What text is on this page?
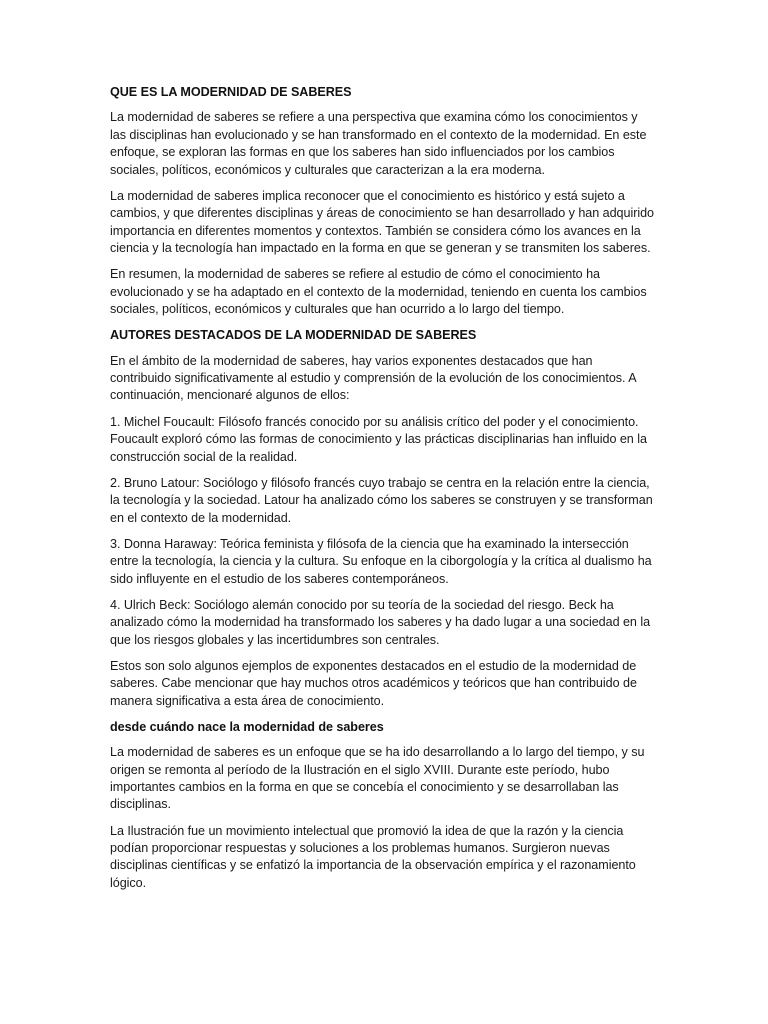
QUE ES LA MODERNIDAD DE SABERES

La modernidad de saberes se refiere a una perspectiva que examina cómo los conocimientos y las disciplinas han evolucionado y se han transformado en el contexto de la modernidad. En este enfoque, se exploran las formas en que los saberes han sido influenciados por los cambios sociales, políticos, económicos y culturales que caracterizan a la era moderna.

La modernidad de saberes implica reconocer que el conocimiento es histórico y está sujeto a cambios, y que diferentes disciplinas y áreas de conocimiento se han desarrollado y han adquirido importancia en diferentes momentos y contextos. También se considera cómo los avances en la ciencia y la tecnología han impactado en la forma en que se generan y se transmiten los saberes.

En resumen, la modernidad de saberes se refiere al estudio de cómo el conocimiento ha evolucionado y se ha adaptado en el contexto de la modernidad, teniendo en cuenta los cambios sociales, políticos, económicos y culturales que han ocurrido a lo largo del tiempo.

AUTORES DESTACADOS DE LA MODERNIDAD DE SABERES

En el ámbito de la modernidad de saberes, hay varios exponentes destacados que han contribuido significativamente al estudio y comprensión de la evolución de los conocimientos. A continuación, mencionaré algunos de ellos:

1. Michel Foucault: Filósofo francés conocido por su análisis crítico del poder y el conocimiento. Foucault exploró cómo las formas de conocimiento y las prácticas disciplinarias han influido en la construcción social de la realidad.

2. Bruno Latour: Sociólogo y filósofo francés cuyo trabajo se centra en la relación entre la ciencia, la tecnología y la sociedad. Latour ha analizado cómo los saberes se construyen y se transforman en el contexto de la modernidad.

3. Donna Haraway: Teórica feminista y filósofa de la ciencia que ha examinado la intersección entre la tecnología, la ciencia y la cultura. Su enfoque en la ciborgología y la crítica al dualismo ha sido influyente en el estudio de los saberes contemporáneos.

4. Ulrich Beck: Sociólogo alemán conocido por su teoría de la sociedad del riesgo. Beck ha analizado cómo la modernidad ha transformado los saberes y ha dado lugar a una sociedad en la que los riesgos globales y las incertidumbres son centrales.

Estos son solo algunos ejemplos de exponentes destacados en el estudio de la modernidad de saberes. Cabe mencionar que hay muchos otros académicos y teóricos que han contribuido de manera significativa a esta área de conocimiento.

desde cuándo nace la modernidad de saberes

La modernidad de saberes es un enfoque que se ha ido desarrollando a lo largo del tiempo, y su origen se remonta al período de la Ilustración en el siglo XVIII. Durante este período, hubo importantes cambios en la forma en que se concebía el conocimiento y se desarrollaban las disciplinas.

La Ilustración fue un movimiento intelectual que promovió la idea de que la razón y la ciencia podían proporcionar respuestas y soluciones a los problemas humanos. Surgieron nuevas disciplinas científicas y se enfatizó la importancia de la observación empírica y el razonamiento lógico.
